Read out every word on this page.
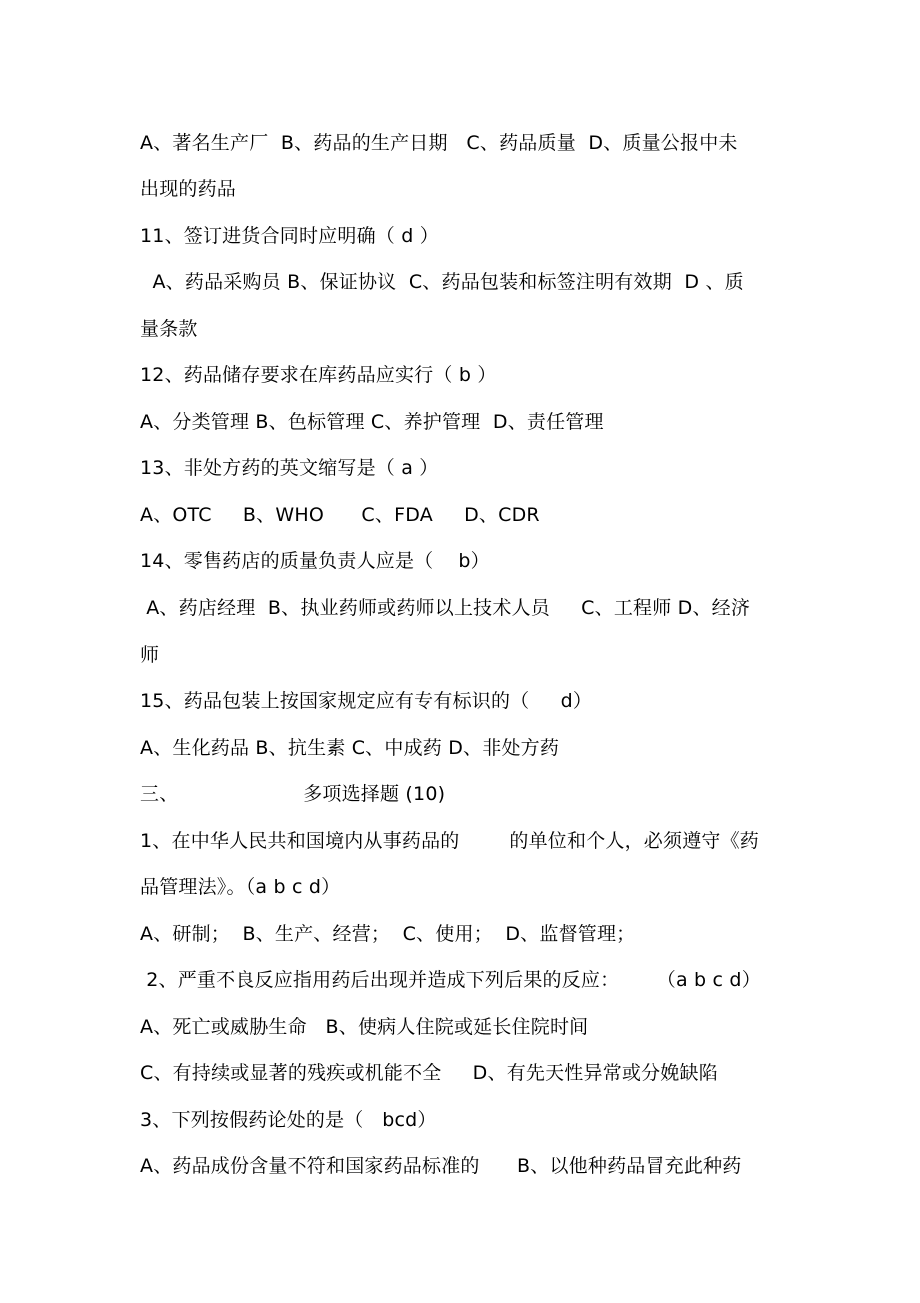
A、著名生产厂  B、药品的生产日期   C、药品质量  D、质量公报中未
出现的药品
11、签订进货合同时应明确（ d ）
A、药品采购员 B、保证协议  C、药品包装和标签注明有效期  D 、质
量条款
12、药品储存要求在库药品应实行（ b ）
A、分类管理 B、色标管理 C、养护管理  D、责任管理
13、非处方药的英文缩写是（ a ）
A、OTC     B、WHO      C、FDA     D、CDR
14、零售药店的质量负责人应是（    b）
A、药店经理  B、执业药师或药师以上技术人员     C、工程师 D、经济
师
15、药品包装上按国家规定应有专有标识的（     d）
A、生化药品 B、抗生素 C、中成药 D、非处方药
三、                    多项选择题 (10)
1、在中华人民共和国境内从事药品的        的单位和个人，必须遵守《药
品管理法》。（a b c d）
A、研制；  B、生产、经营；  C、使用；  D、监督管理；
2、严重不良反应指用药后出现并造成下列后果的反应：      （a b c d）
A、死亡或威胁生命   B、使病人住院或延长住院时间
C、有持续或显著的残疾或机能不全     D、有先天性异常或分娩缺陷
3、下列按假药论处的是（   bcd）
A、药品成份含量不符和国家药品标准的      B、以他种药品冒充此种药
